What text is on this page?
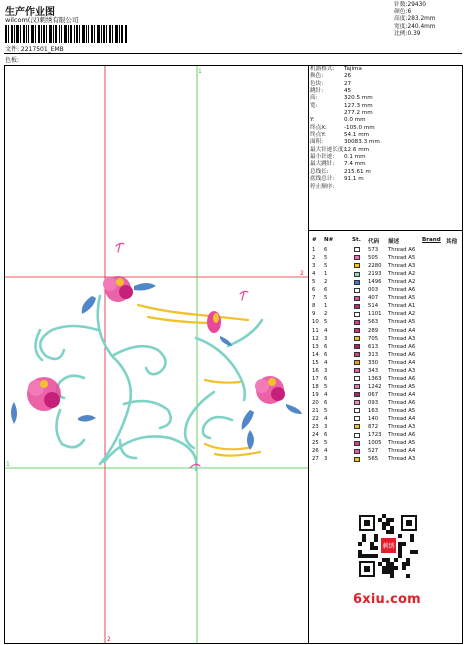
生产作业图
wilcom(汉)刺绣有限公司
文件: 2217501_EMB
色板:
针数:29430
颜色:6
高度:283.2mm
宽度:240.4mm
比例:0.39
1
1
2
2
机器格式:	Tajima
换色:	26
色块:	27
跳针:	45
高:	320.5 mm
宽:	127.3 mm
277.2 mm
Y:	0.0 mm
终点X:	-105.0 mm
终点Y:	54.1 mm
面积:	30083.3 mm
最大针迹长度:
12.6 mm
最小针迹:	0.1 mm
最大跳针:	7.4 mm
总线长:	215.61 m
底线总计:	91.1 m
停止顺序:
# N#	St. 代码 描述	Brand 其他
1 6	573 Thread A6
2 5	505 Thread A5
3 5	2280 Thread A3
4 1	2193 Thread A2
5 2	1496 Thread A2
6 6	003 Thread A6
7 5	407 Thread A5
8 1	514 Thread A1
9 2	1101 Thread A2
10 5	563 Thread A5
11 4	289 Thread A4
12 3	705 Thread A3
13 6	613 Thread A6
14 6	313 Thread A6
15 4	330 Thread A4
16 3	343 Thread A3
17 6	1363 Thread A6
18 5	1242 Thread A5
19 4	067 Thread A4
20 6	093 Thread A6
21 5	163 Thread A5
22 4	140 Thread A4
23 3	872 Thread A3
24 6	1723 Thread A6
25 5	1005 Thread A5
26 4	527 Thread A4
27 3	565 Thread A3
刺绣
6xiu.com
